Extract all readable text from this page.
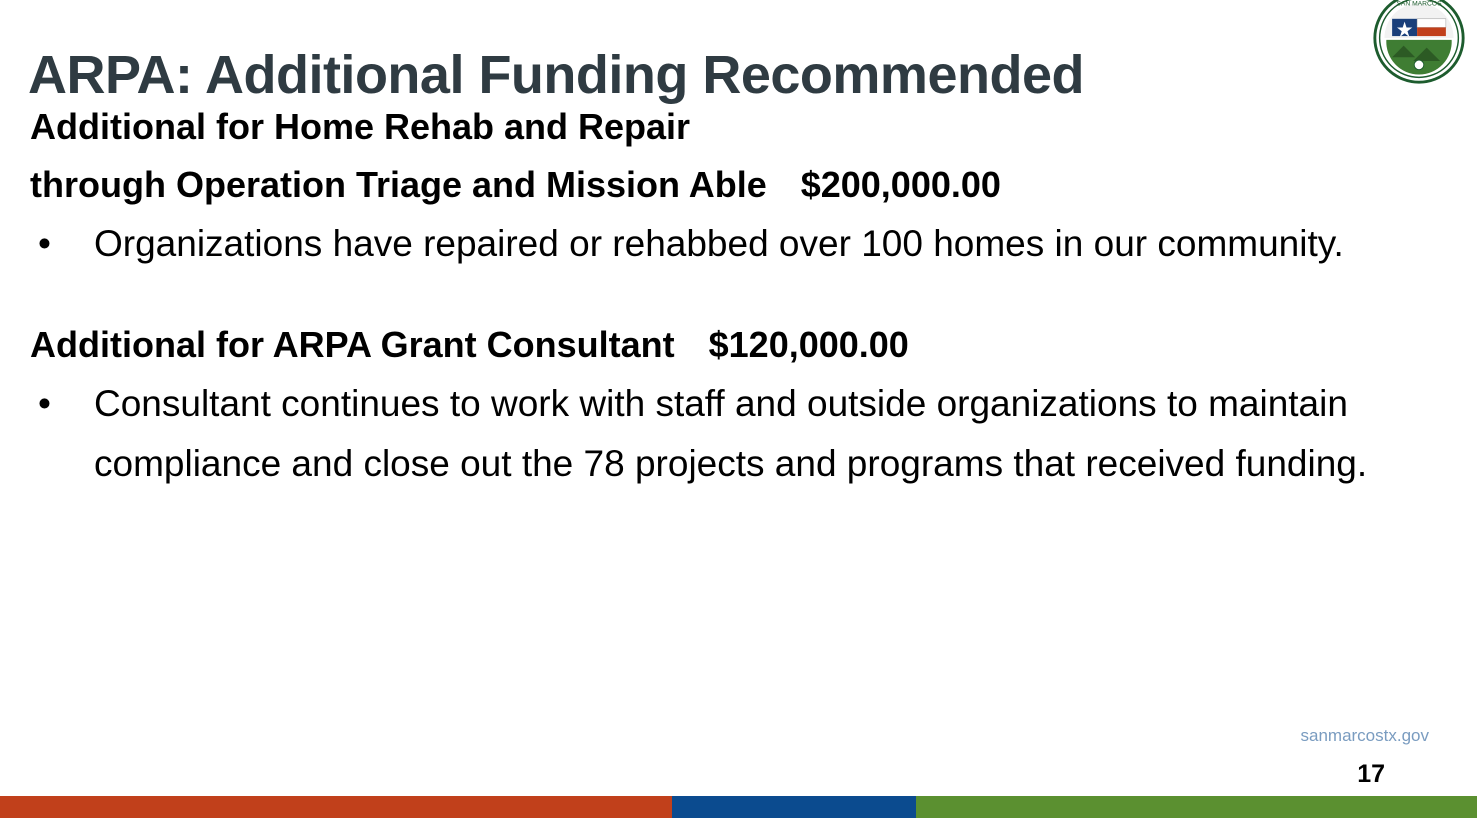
ARPA: Additional Funding Recommended
SAN MARCOS
Additional for Home Rehab and Repair
through Operation Triage and Mission Able $200,000.00
• Organizations have repaired or rehabbed over 100 homes in our community.
Additional for ARPA Grant Consultant $120,000.00
• Consultant continues to work with staff and outside organizations to maintain compliance and close out the 78 projects and programs that received funding.
sanmarcostx.gov
17
